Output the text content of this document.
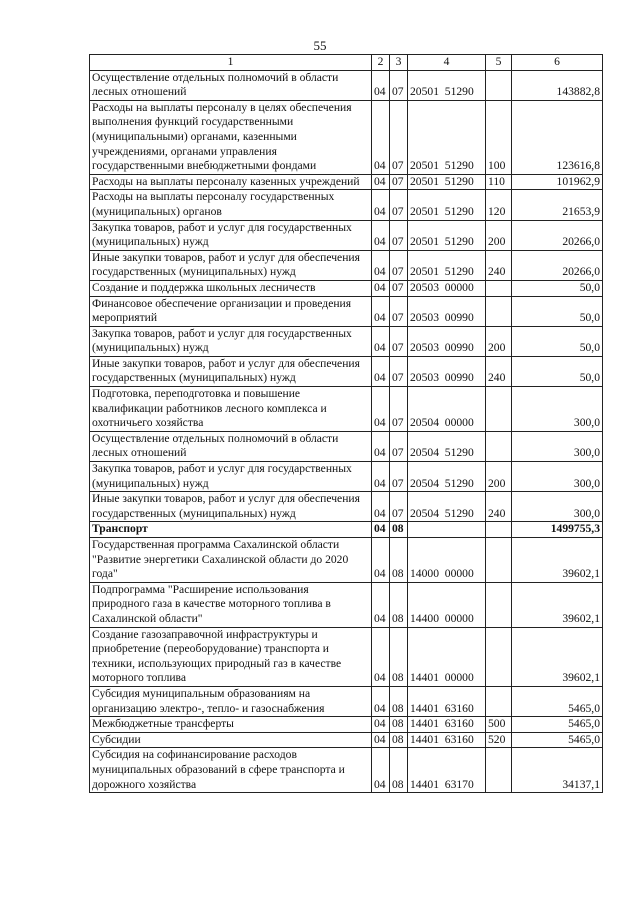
55
1	2	3	4	5	6
Осуществление отдельных полномочий в области лесных отношений	04	07	20501  51290		143882,8
Расходы на выплаты персоналу в целях обеспечения выполнения функций государственными (муниципальными) органами, казенными учреждениями, органами управления государственными внебюджетными фондами	04	07	20501  51290	100	123616,8
Расходы на выплаты персоналу казенных учреждений	04	07	20501  51290	110	101962,9
Расходы на выплаты персоналу государственных (муниципальных) органов	04	07	20501  51290	120	21653,9
Закупка товаров, работ и услуг для государственных (муниципальных) нужд	04	07	20501  51290	200	20266,0
Иные закупки товаров, работ и услуг для обеспечения государственных (муниципальных) нужд	04	07	20501  51290	240	20266,0
Создание и поддержка школьных лесничеств	04	07	20503  00000		50,0
Финансовое обеспечение организации и проведения мероприятий	04	07	20503  00990		50,0
Закупка товаров, работ и услуг для государственных (муниципальных) нужд	04	07	20503  00990	200	50,0
Иные закупки товаров, работ и услуг для обеспечения государственных (муниципальных) нужд	04	07	20503  00990	240	50,0
Подготовка, переподготовка и повышение квалификации работников лесного комплекса и охотничьего хозяйства	04	07	20504  00000		300,0
Осуществление отдельных полномочий в области лесных отношений	04	07	20504  51290		300,0
Закупка товаров, работ и услуг для государственных (муниципальных) нужд	04	07	20504  51290	200	300,0
Иные закупки товаров, работ и услуг для обеспечения государственных (муниципальных) нужд	04	07	20504  51290	240	300,0
Транспорт	04	08			1499755,3
Государственная программа Сахалинской области "Развитие энергетики Сахалинской области до 2020 года"	04	08	14000  00000		39602,1
Подпрограмма "Расширение использования природного газа в качестве моторного топлива в Сахалинской области"	04	08	14400  00000		39602,1
Создание газозаправочной инфраструктуры и приобретение (переоборудование) транспорта и техники, использующих природный газ в качестве моторного топлива	04	08	14401  00000		39602,1
Субсидия муниципальным образованиям на организацию электро-, тепло- и газоснабжения	04	08	14401  63160		5465,0
Межбюджетные трансферты	04	08	14401  63160	500	5465,0
Субсидии	04	08	14401  63160	520	5465,0
Субсидия на софинансирование расходов муниципальных образований в сфере транспорта и дорожного хозяйства	04	08	14401  63170		34137,1
